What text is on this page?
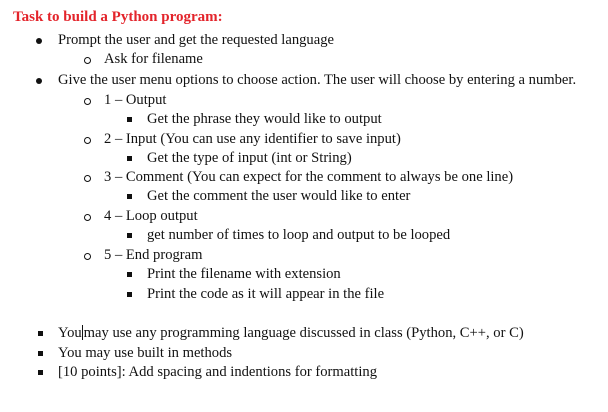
Task to build a Python program:
Prompt the user and get the requested language
Ask for filename
Give the user menu options to choose action. The user will choose by entering a number.
1 – Output
Get the phrase they would like to output
2 – Input (You can use any identifier to save input)
Get the type of input (int or String)
3 – Comment (You can expect for the comment to always be one line)
Get the comment the user would like to enter
4 – Loop output
get number of times to loop and output to be looped
5 – End program
Print the filename with extension
Print the code as it will appear in the file
You may use any programming language discussed in class (Python, C++, or C)
You may use built in methods
[10 points]: Add spacing and indentions for formatting
